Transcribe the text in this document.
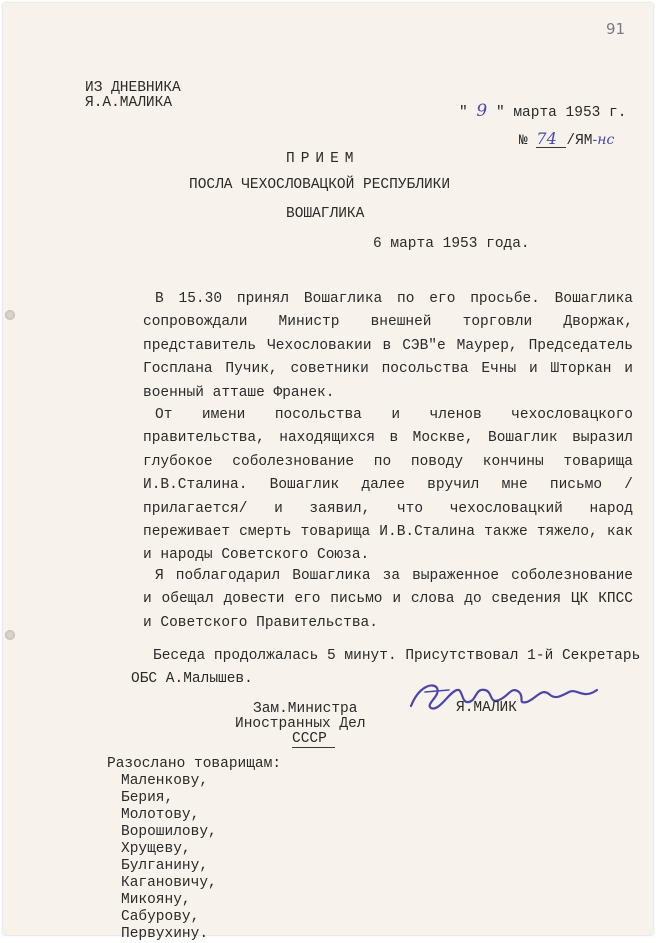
91
ИЗ ДНЕВНИКА
Я.А.МАЛИКА
" 9 " марта 1953 г.
№ 74 /ЯМ-нс
ПРИЕМ
ПОСЛА ЧЕХОСЛОВАЦКОЙ РЕСПУБЛИКИ
ВОШАГЛИКА
6 марта 1953 года.
В 15.30 принял Вошаглика по его просьбе. Вошаглика сопровождали Министр внешней торговли Дворжак, представитель Чехословакии в СЭВ"е Маурер, Председатель Госплана Пучик, советники посольства Ечны и Шторкан и военный атташе Франек.
От имени посольства и членов чехословацкого правительства, находящихся в Москве, Вошаглик выразил глубокое соболезнование по поводу кончины товарища И.В.Сталина. Вошаглик далее вручил мне письмо /прилагается/ и заявил, что чехословацкий народ переживает смерть товарища И.В.Сталина также тяжело, как и народы Советского Союза.
Я поблагодарил Вошаглика за выраженное соболезнование и обещал довести его письмо и слова до сведения ЦК КПСС и Советского Правительства.
Беседа продолжалась 5 минут. Присутствовал 1-й Секретарь
ОБС А.Малышев.
Зам.Министра
Иностранных Дел
СССР
Я.МАЛИК
Разослано товарищам:
Маленкову,
Берия,
Молотову,
Ворошилову,
Хрущеву,
Булганину,
Кагановичу,
Микояну,
Сабурову,
Первухину.
